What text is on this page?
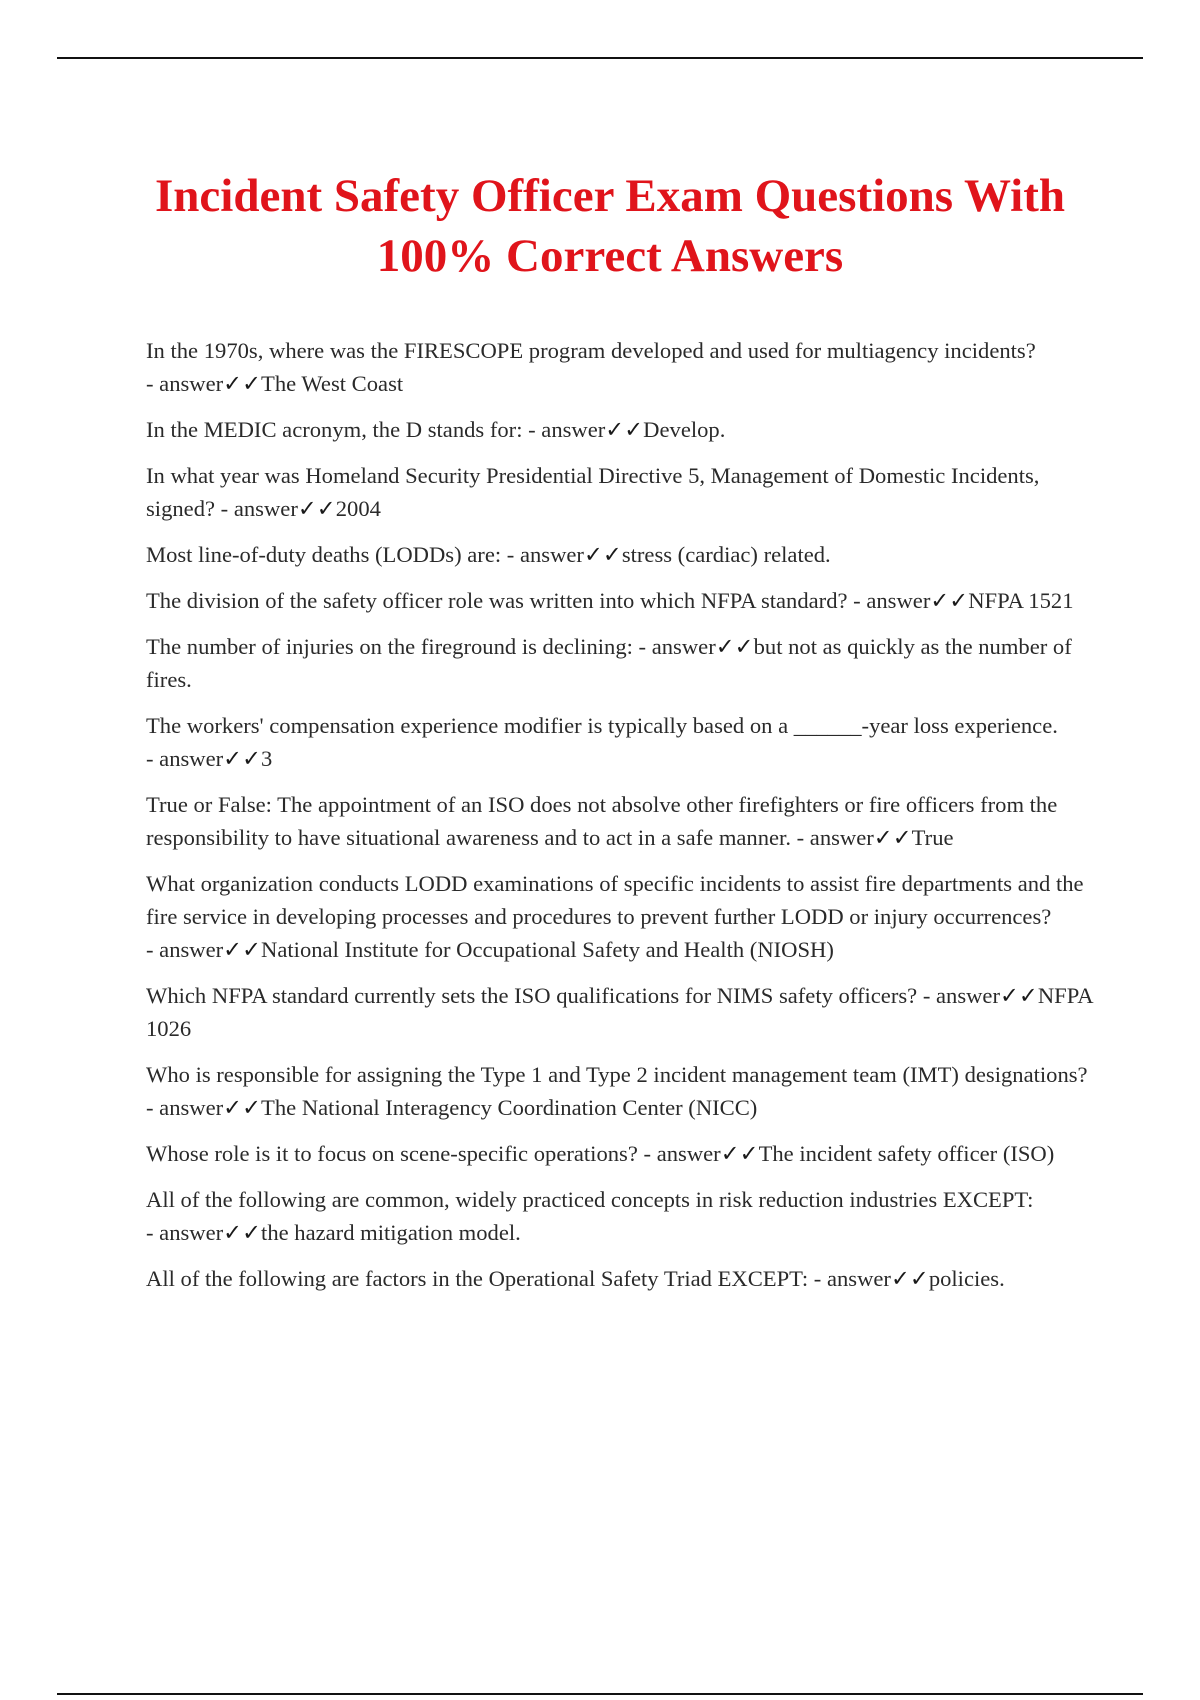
Incident Safety Officer Exam Questions With 100% Correct Answers
In the 1970s, where was the FIRESCOPE program developed and used for multiagency incidents? - answer✓✓The West Coast
In the MEDIC acronym, the D stands for: - answer✓✓Develop.
In what year was Homeland Security Presidential Directive 5, Management of Domestic Incidents, signed? - answer✓✓2004
Most line-of-duty deaths (LODDs) are: - answer✓✓stress (cardiac) related.
The division of the safety officer role was written into which NFPA standard? - answer✓✓NFPA 1521
The number of injuries on the fireground is declining: - answer✓✓but not as quickly as the number of fires.
The workers' compensation experience modifier is typically based on a ______-year loss experience. - answer✓✓3
True or False: The appointment of an ISO does not absolve other firefighters or fire officers from the responsibility to have situational awareness and to act in a safe manner. - answer✓✓True
What organization conducts LODD examinations of specific incidents to assist fire departments and the fire service in developing processes and procedures to prevent further LODD or injury occurrences? - answer✓✓National Institute for Occupational Safety and Health (NIOSH)
Which NFPA standard currently sets the ISO qualifications for NIMS safety officers? - answer✓✓NFPA 1026
Who is responsible for assigning the Type 1 and Type 2 incident management team (IMT) designations? - answer✓✓The National Interagency Coordination Center (NICC)
Whose role is it to focus on scene-specific operations? - answer✓✓The incident safety officer (ISO)
All of the following are common, widely practiced concepts in risk reduction industries EXCEPT: - answer✓✓the hazard mitigation model.
All of the following are factors in the Operational Safety Triad EXCEPT: - answer✓✓policies.
